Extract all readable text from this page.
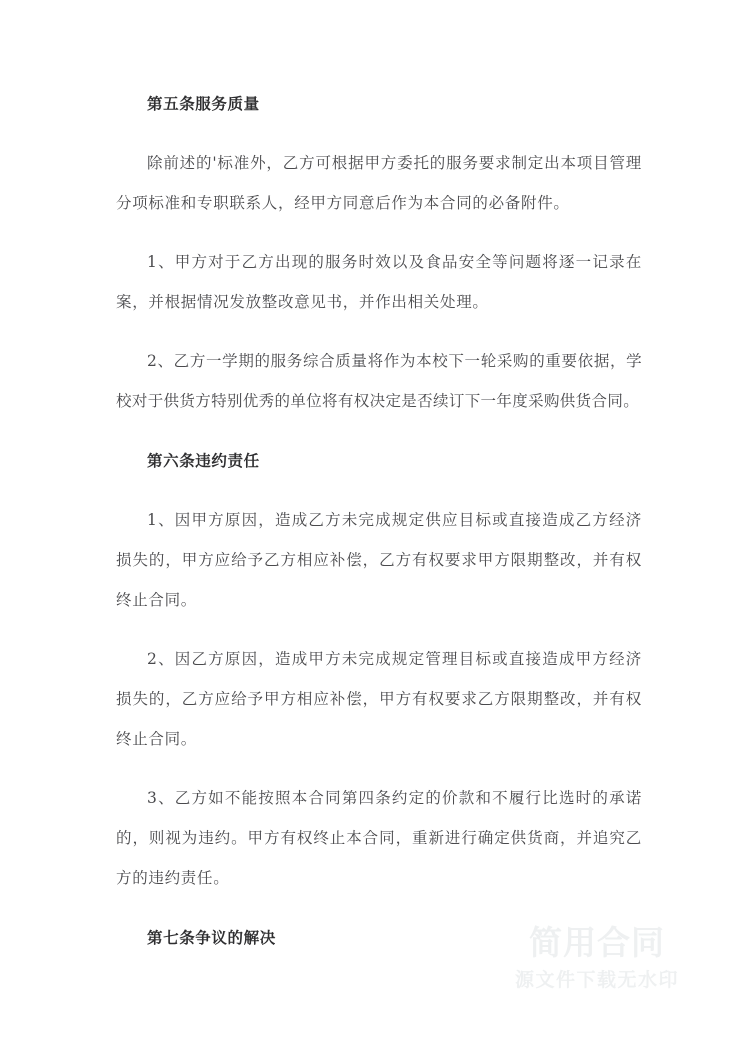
第五条服务质量

除前述的'标准外，乙方可根据甲方委托的服务要求制定出本项目管理分项标准和专职联系人，经甲方同意后作为本合同的必备附件。

1、甲方对于乙方出现的服务时效以及食品安全等问题将逐一记录在案，并根据情况发放整改意见书，并作出相关处理。

2、乙方一学期的服务综合质量将作为本校下一轮采购的重要依据，学校对于供货方特别优秀的单位将有权决定是否续订下一年度采购供货合同。

第六条违约责任

1、因甲方原因，造成乙方未完成规定供应目标或直接造成乙方经济损失的，甲方应给予乙方相应补偿，乙方有权要求甲方限期整改，并有权终止合同。

2、因乙方原因，造成甲方未完成规定管理目标或直接造成甲方经济损失的，乙方应给予甲方相应补偿，甲方有权要求乙方限期整改，并有权终止合同。

3、乙方如不能按照本合同第四条约定的价款和不履行比选时的承诺的，则视为违约。甲方有权终止本合同，重新进行确定供货商，并追究乙方的违约责任。

第七条争议的解决	简用合同
源文件下载无水印
